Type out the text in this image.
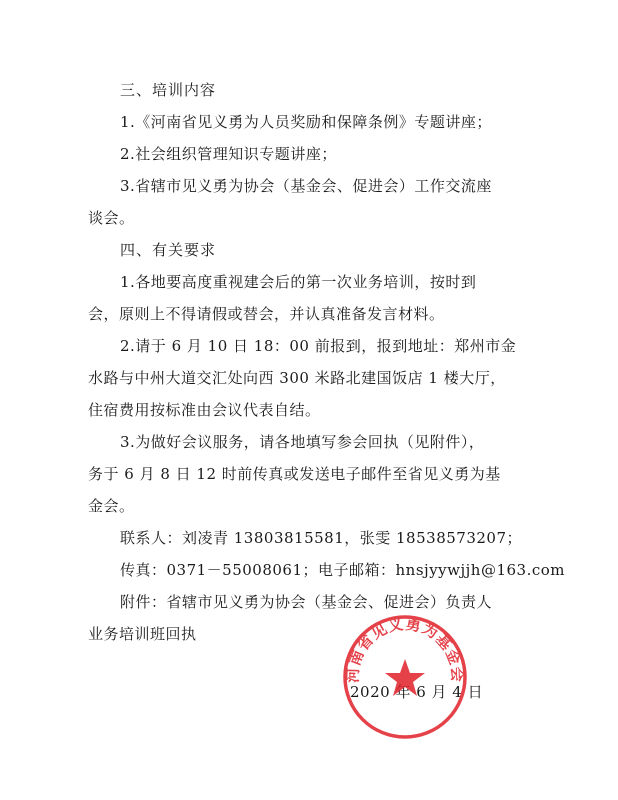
三、培训内容
1.《河南省见义勇为人员奖励和保障条例》专题讲座；
2.社会组织管理知识专题讲座；
3.省辖市见义勇为协会（基金会、促进会）工作交流座
谈会。
四、有关要求
1.各地要高度重视建会后的第一次业务培训，按时到
会，原则上不得请假或替会，并认真准备发言材料。
2.请于 6 月 10 日 18：00 前报到，报到地址：郑州市金
水路与中州大道交汇处向西 300 米路北建国饭店 1 楼大厅，
住宿费用按标准由会议代表自结。
3.为做好会议服务，请各地填写参会回执（见附件），
务于 6 月 8 日 12 时前传真或发送电子邮件至省见义勇为基
金会。
联系人：刘凌青 13803815581，张雯 18538573207；
传真：0371－55008061；电子邮箱：hnsjyywjjh@163.com
附件：省辖市见义勇为协会（基金会、促进会）负责人
业务培训班回执
2020 年 6 月 4 日
河南省见义勇为基金会
